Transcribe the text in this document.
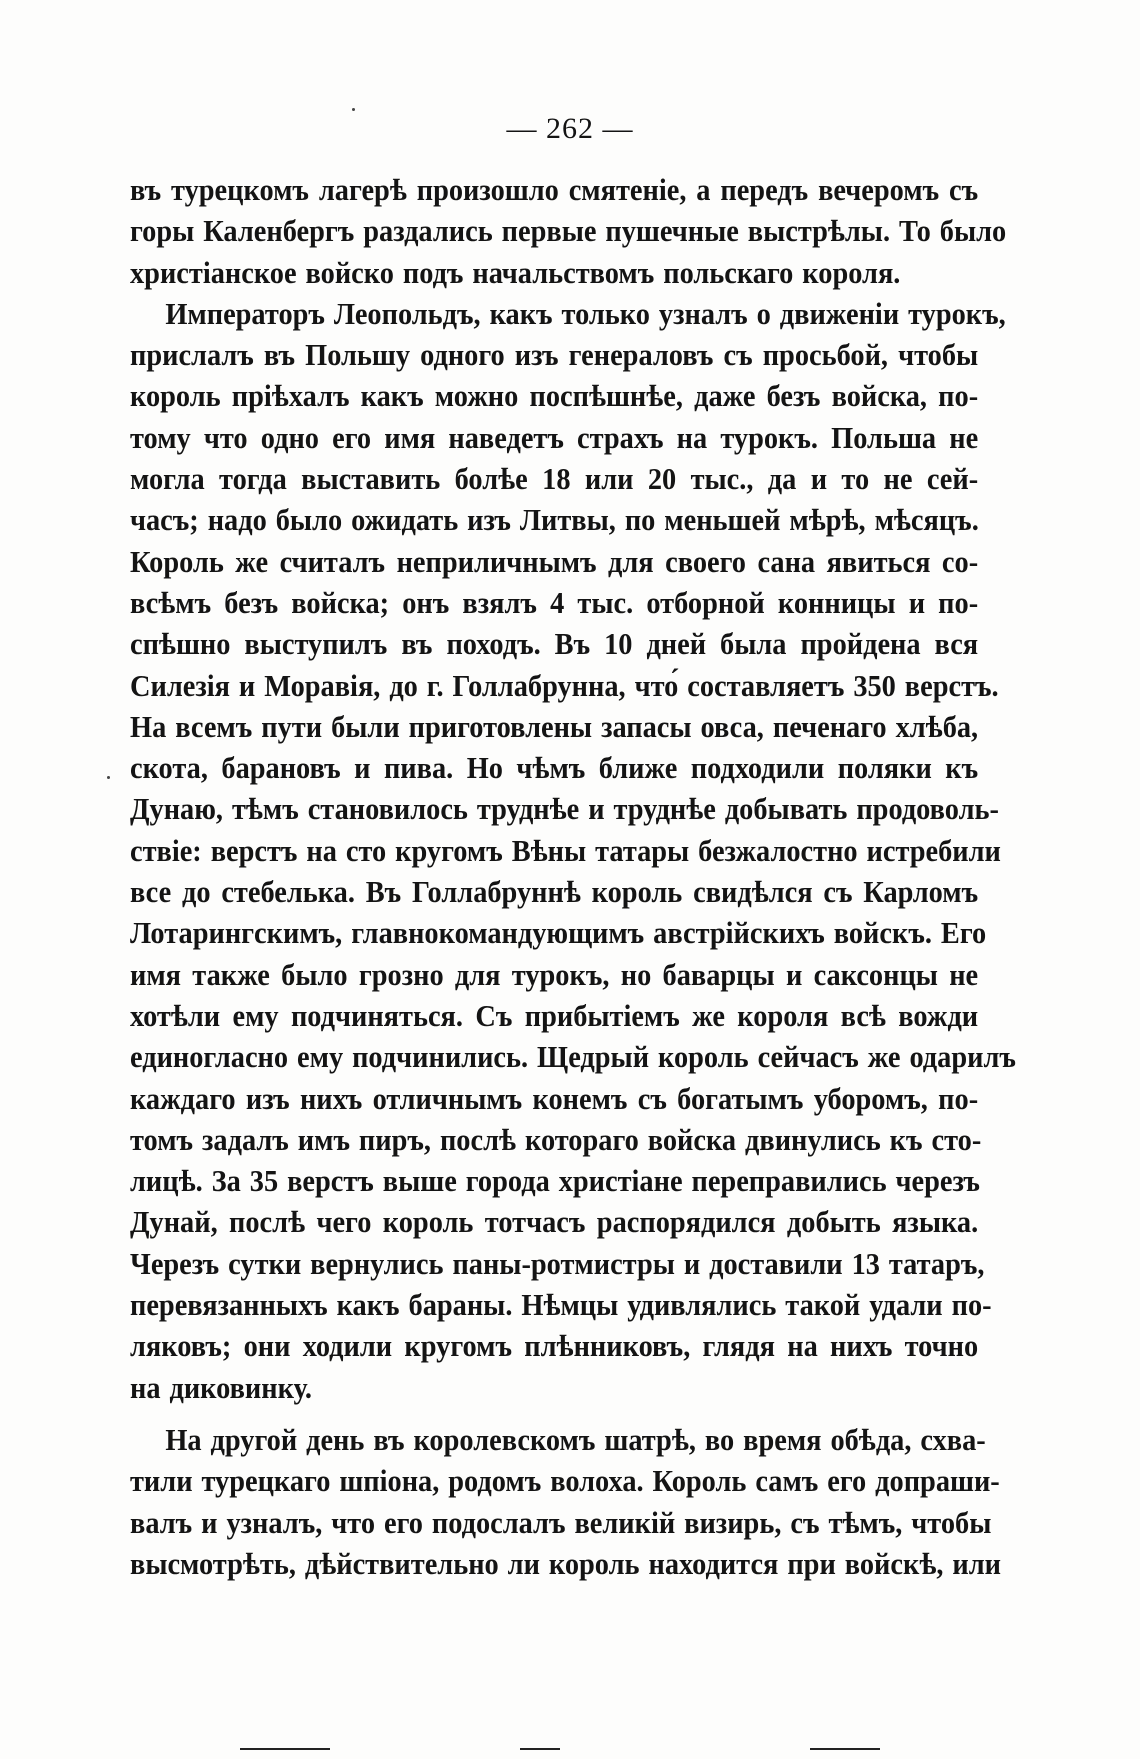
— 262 —
въ турецкомъ лагерѣ произошло смятеніе, а передъ вечеромъ съ
горы Каленбергъ раздались первые пушечные выстрѣлы. То было
христіанское войско подъ начальствомъ польскаго короля.
Императоръ Леопольдъ, какъ только узналъ о движеніи турокъ,
прислалъ въ Польшу одного изъ генераловъ съ просьбой, чтобы
король пріѣхалъ какъ можно поспѣшнѣе, даже безъ войска, по-
тому что одно его имя наведетъ страхъ на турокъ. Польша не
могла тогда выставить болѣе 18 или 20 тыс., да и то не сей-
часъ; надо было ожидать изъ Литвы, по меньшей мѣрѣ, мѣсяцъ.
Король же считалъ неприличнымъ для своего сана явиться со-
всѣмъ безъ войска; онъ взялъ 4 тыс. отборной конницы и по-
спѣшно выступилъ въ походъ. Въ 10 дней была пройдена вся
Силезія и Моравія, до г. Голлабрунна, что́ составляетъ 350 верстъ.
На всемъ пути были приготовлены запасы овса, печенаго хлѣба,
скота, барановъ и пива. Но чѣмъ ближе подходили поляки къ
Дунаю, тѣмъ становилось труднѣе и труднѣе добывать продоволь-
ствіе: верстъ на сто кругомъ Вѣны татары безжалостно истребили
все до стебелька. Въ Голлабруннѣ король свидѣлся съ Карломъ
Лотарингскимъ, главнокомандующимъ австрійскихъ войскъ. Его
имя также было грозно для турокъ, но баварцы и саксонцы не
хотѣли ему подчиняться. Съ прибытіемъ же короля всѣ вожди
единогласно ему подчинились. Щедрый король сейчасъ же одарилъ
каждаго изъ нихъ отличнымъ конемъ съ богатымъ уборомъ, по-
томъ задалъ имъ пиръ, послѣ котораго войска двинулись къ сто-
лицѣ. За 35 верстъ выше города христіане переправились черезъ
Дунай, послѣ чего король тотчасъ распорядился добыть языка.
Черезъ сутки вернулись паны-ротмистры и доставили 13 татаръ,
перевязанныхъ какъ бараны. Нѣмцы удивлялись такой удали по-
ляковъ; они ходили кругомъ плѣнниковъ, глядя на нихъ точно
на диковинку.
На другой день въ королевскомъ шатрѣ, во время обѣда, схва-
тили турецкаго шпіона, родомъ волоха. Король самъ его допраши-
валъ и узналъ, что его подослалъ великій визирь, съ тѣмъ, чтобы
высмотрѣть, дѣйствительно ли король находится при войскѣ, или
